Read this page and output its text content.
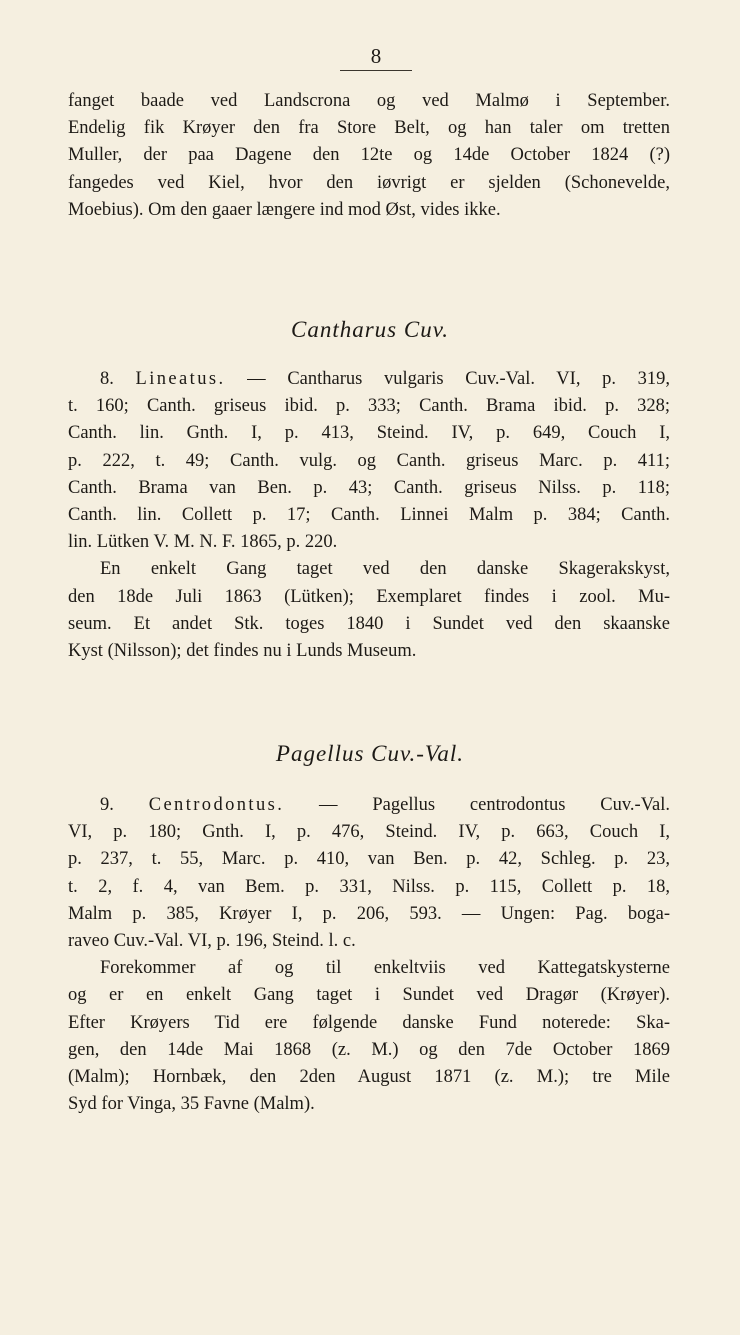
8

fanget baade ved Landscrona og ved Malmø i September.
Endelig fik Krøyer den fra Store Belt, og han taler om tretten
Muller, der paa Dagene den 12te og 14de October 1824 (?)
fangedes ved Kiel, hvor den iøvrigt er sjelden (Schonevelde,
Moebius). Om den gaaer længere ind mod Øst, vides ikke.

Cantharus Cuv.

8. Lineatus. — Cantharus vulgaris Cuv.-Val. VI, p. 319,
t. 160; Canth. griseus ibid. p. 333; Canth. Brama ibid. p. 328;
Canth. lin. Gnth. I, p. 413, Steind. IV, p. 649, Couch I,
p. 222, t. 49; Canth. vulg. og Canth. griseus Marc. p. 411;
Canth. Brama van Ben. p. 43; Canth. griseus Nilss. p. 118;
Canth. lin. Collett p. 17; Canth. Linnei Malm p. 384; Canth.
lin. Lütken V. M. N. F. 1865, p. 220.

En enkelt Gang taget ved den danske Skagerakskyst,
den 18de Juli 1863 (Lütken); Exemplaret findes i zool. Mu-
seum. Et andet Stk. toges 1840 i Sundet ved den skaanske
Kyst (Nilsson); det findes nu i Lunds Museum.

Pagellus Cuv.-Val.

9. Centrodontus. — Pagellus centrodontus Cuv.-Val.
VI, p. 180; Gnth. I, p. 476, Steind. IV, p. 663, Couch I,
p. 237, t. 55, Marc. p. 410, van Ben. p. 42, Schleg. p. 23,
t. 2, f. 4, van Bem. p. 331, Nilss. p. 115, Collett p. 18,
Malm p. 385, Krøyer I, p. 206, 593. — Ungen: Pag. boga-
raveo Cuv.-Val. VI, p. 196, Steind. l. c.

Forekommer af og til enkeltviis ved Kattegatskysterne
og er en enkelt Gang taget i Sundet ved Dragør (Krøyer).
Efter Krøyers Tid ere følgende danske Fund noterede: Ska-
gen, den 14de Mai 1868 (z. M.) og den 7de October 1869
(Malm); Hornbæk, den 2den August 1871 (z. M.); tre Mile
Syd for Vinga, 35 Favne (Malm).
